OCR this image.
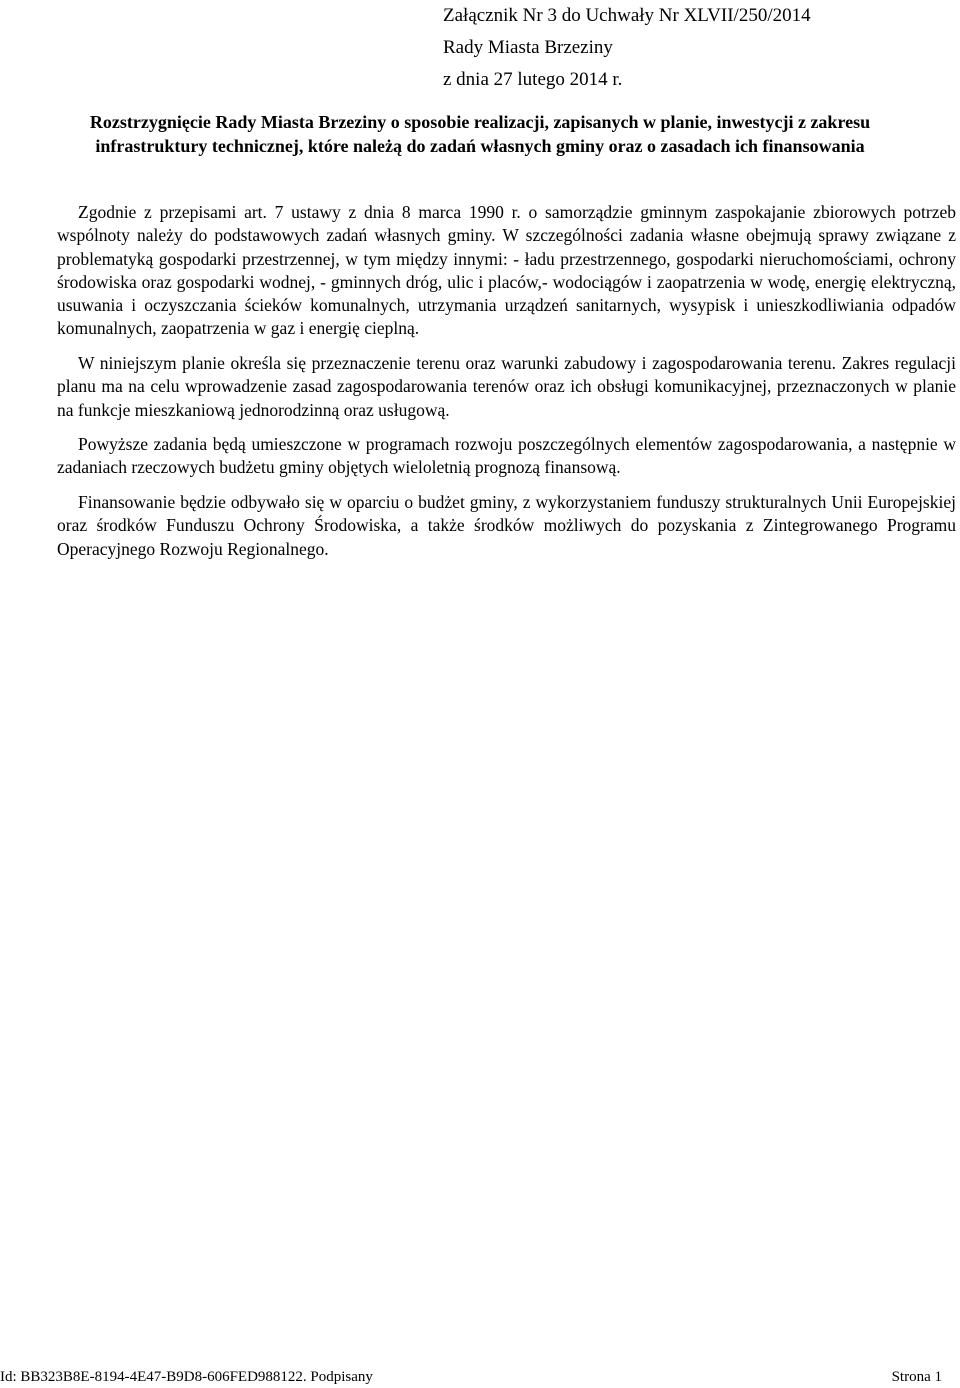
Załącznik Nr 3 do Uchwały Nr XLVII/250/2014
Rady Miasta Brzeziny
z dnia 27 lutego 2014 r.
Rozstrzygnięcie Rady Miasta Brzeziny o sposobie realizacji, zapisanych w planie, inwestycji z zakresu infrastruktury technicznej, które należą do zadań własnych gminy oraz o zasadach ich finansowania

Zgodnie z przepisami art. 7 ustawy z dnia 8 marca 1990 r. o samorządzie gminnym zaspokajanie zbiorowych potrzeb wspólnoty należy do podstawowych zadań własnych gminy. W szczególności zadania własne obejmują sprawy związane z problematyką gospodarki przestrzennej, w tym między innymi: - ładu przestrzennego, gospodarki nieruchomościami, ochrony środowiska oraz gospodarki wodnej, - gminnych dróg, ulic i placów,- wodociągów i zaopatrzenia w wodę, energię elektryczną, usuwania i oczyszczania ścieków komunalnych, utrzymania urządzeń sanitarnych, wysypisk i unieszkodliwiania odpadów komunalnych, zaopatrzenia w gaz i energię cieplną.

W niniejszym planie określa się przeznaczenie terenu oraz warunki zabudowy i zagospodarowania terenu. Zakres regulacji planu ma na celu wprowadzenie zasad zagospodarowania terenów oraz ich obsługi komunikacyjnej, przeznaczonych w planie na funkcje mieszkaniową jednorodzinną oraz usługową.

Powyższe zadania będą umieszczone w programach rozwoju poszczególnych elementów zagospodarowania, a następnie w zadaniach rzeczowych budżetu gminy objętych wieloletnią prognozą finansową.

Finansowanie będzie odbywało się w oparciu o budżet gminy, z wykorzystaniem funduszy strukturalnych Unii Europejskiej oraz środków Funduszu Ochrony Środowiska, a także środków możliwych do pozyskania z Zintegrowanego Programu Operacyjnego Rozwoju Regionalnego.

Id: BB323B8E-8194-4E47-B9D8-606FED988122. Podpisany	Strona 1
